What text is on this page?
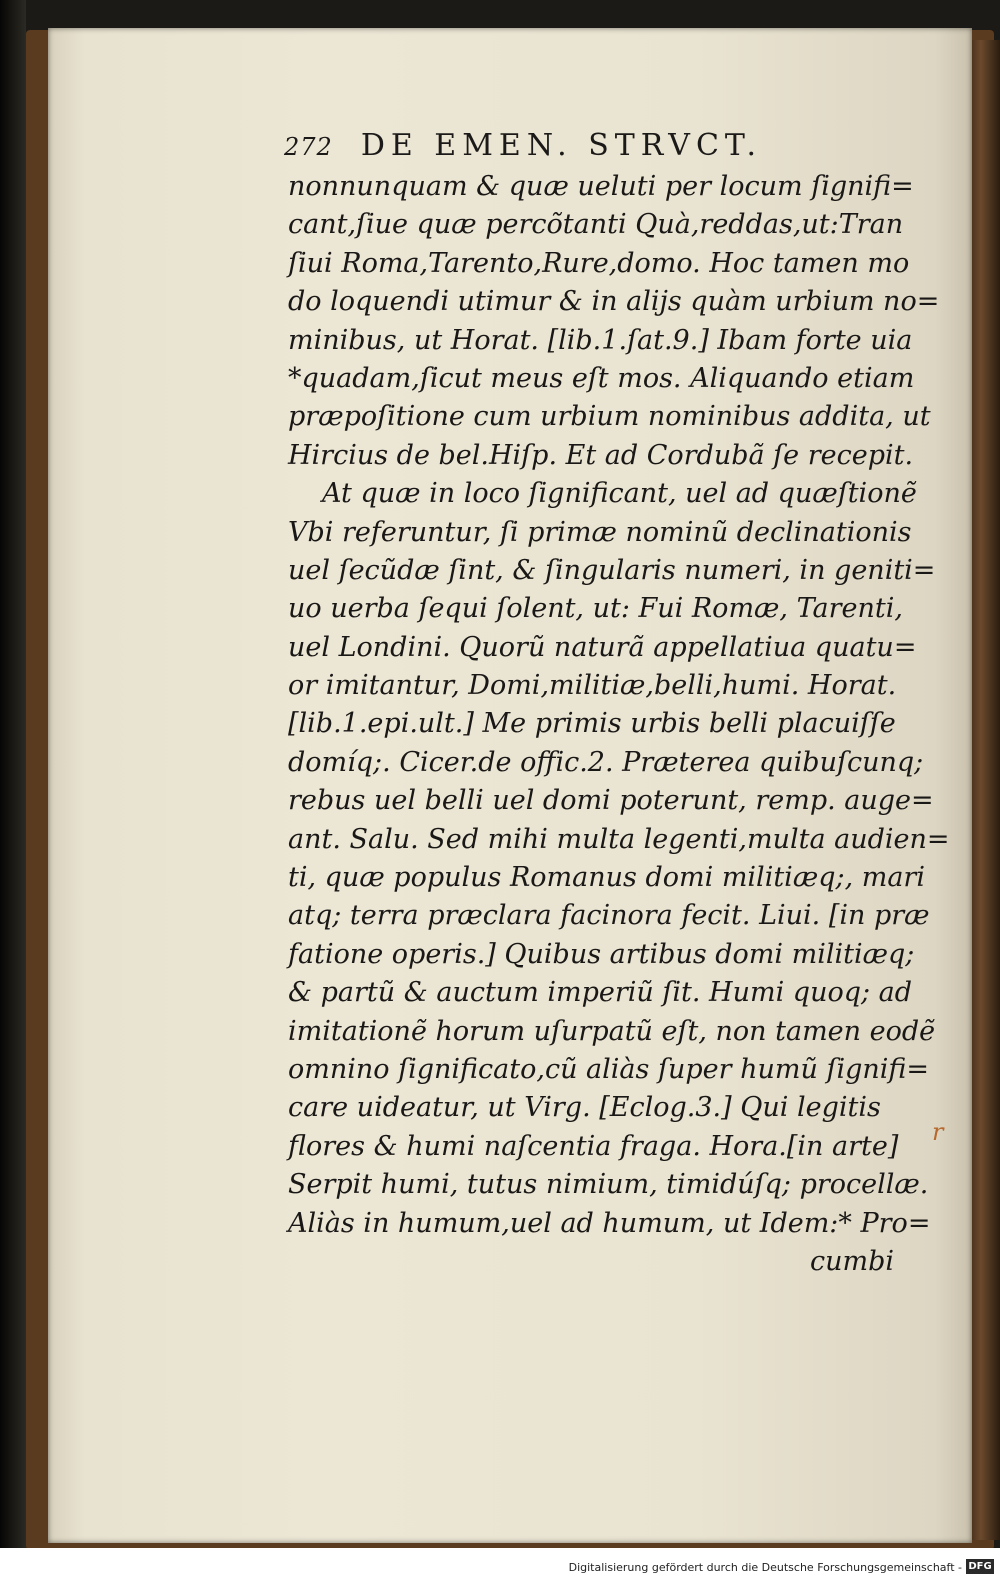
272 DE EMEN. STRVCT.
nonnunquam & quæ ueluti per locum ſignifi=
cant,ſiue quæ percõtanti Quà,reddas,ut:Tran
ſiui Roma,Tarento,Rure,domo. Hoc tamen mo
do loquendi utimur & in alijs quàm urbium no=
minibus, ut Horat. [lib.1.ſat.9.] Ibam forte uia
*quadam,ſicut meus eſt mos. Aliquando etiam
præpoſitione cum urbium nominibus addita, ut
Hircius de bel.Hiſp. Et ad Cordubã ſe recepit.
At quæ in loco ſignificant, uel ad quæſtionẽ
Vbi referuntur, ſi primæ nominũ declinationis
uel ſecũdæ ſint, & ſingularis numeri, in geniti=
uo uerba ſequi ſolent, ut: Fui Romæ, Tarenti,
uel Londini. Quorũ naturã appellatiua quatu=
or imitantur, Domi,militiæ,belli,humi. Horat.
[lib.1.epi.ult.] Me primis urbis belli placuiſſe
domíq;. Cicer.de offic.2. Præterea quibuſcunq;
rebus uel belli uel domi poterunt, remp. auge=
ant. Salu. Sed mihi multa legenti,multa audien=
ti, quæ populus Romanus domi militiæq;, mari
atq; terra præclara facinora fecit. Liui. [in præ
fatione operis.] Quibus artibus domi militiæq;
& partũ & auctum imperiũ ſit. Humi quoq; ad
imitationẽ horum uſurpatũ eſt, non tamen eodẽ
omnino ſignificato,cũ aliàs ſuper humũ ſignifi=
care uideatur, ut Virg. [Eclog.3.] Qui legitis
flores & humi naſcentia fraga. Hora.[in arte]
Serpit humi, tutus nimium, timidúſq; procellæ.
Aliàs in humum,uel ad humum, ut Idem:* Pro=
cumbi
r
Digitalisierung gefördert durch die Deutsche Forschungsgemeinschaft - DFG
